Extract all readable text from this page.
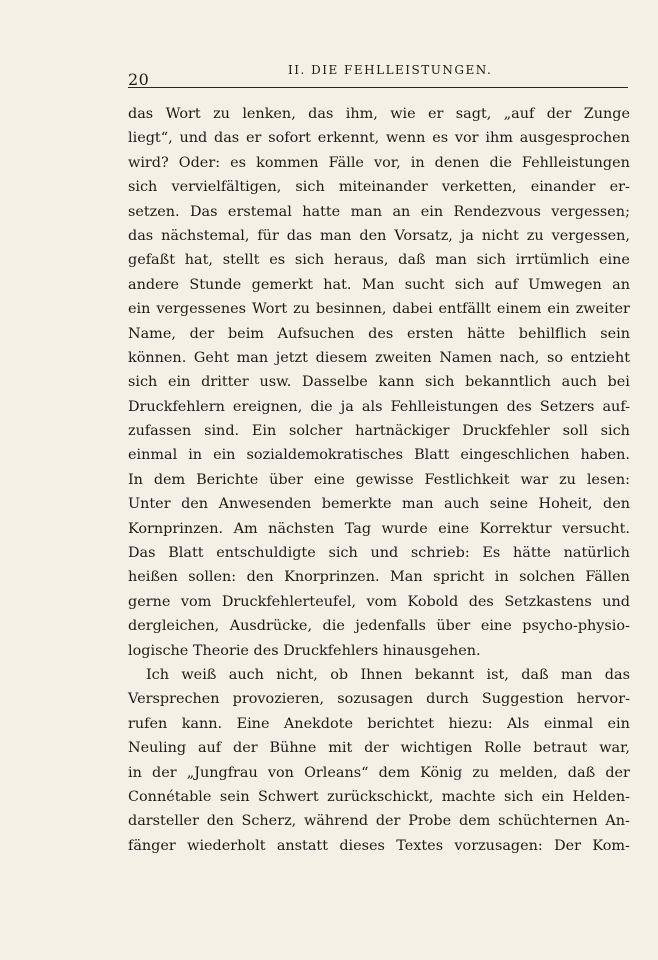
20	II. DIE FEHLLEISTUNGEN.
das Wort zu lenken, das ihm, wie er sagt, „auf der Zunge
liegt“, und das er sofort erkennt, wenn es vor ihm ausgesprochen
wird? Oder: es kommen Fälle vor, in denen die Fehlleistungen
sich vervielfältigen, sich miteinander verketten, einander er-
setzen. Das erstemal hatte man an ein Rendezvous vergessen;
das nächstemal, für das man den Vorsatz, ja nicht zu vergessen,
gefaßt hat, stellt es sich heraus, daß man sich irrtümlich eine
andere Stunde gemerkt hat. Man sucht sich auf Umwegen an
ein vergessenes Wort zu besinnen, dabei entfällt einem ein zweiter
Name, der beim Aufsuchen des ersten hätte behilflich sein
können. Geht man jetzt diesem zweiten Namen nach, so entzieht
sich ein dritter usw. Dasselbe kann sich bekanntlich auch bei
Druckfehlern ereignen, die ja als Fehlleistungen des Setzers auf-
zufassen sind. Ein solcher hartnäckiger Druckfehler soll sich
einmal in ein sozialdemokratisches Blatt eingeschlichen haben.
In dem Berichte über eine gewisse Festlichkeit war zu lesen:
Unter den Anwesenden bemerkte man auch seine Hoheit, den
Kornprinzen. Am nächsten Tag wurde eine Korrektur versucht.
Das Blatt entschuldigte sich und schrieb: Es hätte natürlich
heißen sollen: den Knorprinzen. Man spricht in solchen Fällen
gerne vom Druckfehlerteufel, vom Kobold des Setzkastens und
dergleichen, Ausdrücke, die jedenfalls über eine psycho-physio-
logische Theorie des Druckfehlers hinausgehen.
Ich weiß auch nicht, ob Ihnen bekannt ist, daß man das
Versprechen provozieren, sozusagen durch Suggestion hervor-
rufen kann. Eine Anekdote berichtet hiezu: Als einmal ein
Neuling auf der Bühne mit der wichtigen Rolle betraut war,
in der „Jungfrau von Orleans“ dem König zu melden, daß der
Connétable sein Schwert zurückschickt, machte sich ein Helden-
darsteller den Scherz, während der Probe dem schüchternen An-
fänger wiederholt anstatt dieses Textes vorzusagen: Der Kom-
